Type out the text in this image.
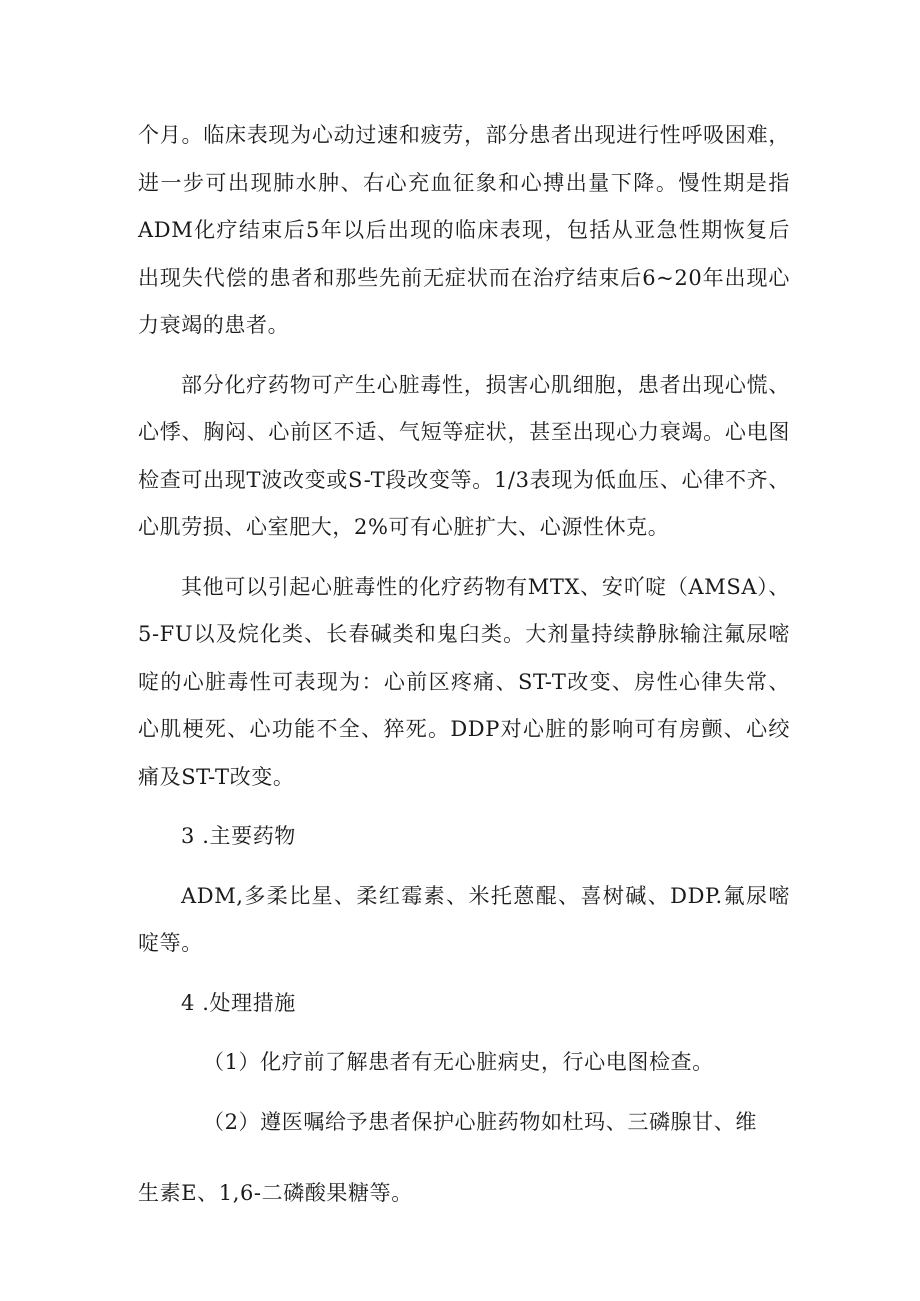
个月。临床表现为心动过速和疲劳，部分患者出现进行性呼吸困难，进一步可出现肺水肿、右心充血征象和心搏出量下降。慢性期是指ADM化疗结束后5年以后出现的临床表现，包括从亚急性期恢复后出现失代偿的患者和那些先前无症状而在治疗结束后6~20年出现心力衰竭的患者。

部分化疗药物可产生心脏毒性，损害心肌细胞，患者出现心慌、心悸、胸闷、心前区不适、气短等症状，甚至出现心力衰竭。心电图检查可出现T波改变或S-T段改变等。1/3表现为低血压、心律不齐、心肌劳损、心室肥大，2%可有心脏扩大、心源性休克。

其他可以引起心脏毒性的化疗药物有MTX、安吖啶（AMSA）、5-FU以及烷化类、长春碱类和鬼臼类。大剂量持续静脉输注氟尿嘧啶的心脏毒性可表现为：心前区疼痛、ST-T改变、房性心律失常、心肌梗死、心功能不全、猝死。DDP对心脏的影响可有房颤、心绞痛及ST-T改变。

3 .主要药物

ADM,多柔比星、柔红霉素、米托蒽醌、喜树碱、DDP.氟尿嘧啶等。

4 .处理措施

（1）化疗前了解患者有无心脏病史，行心电图检查。

（2）遵医嘱给予患者保护心脏药物如杜玛、三磷腺甘、维

生素E、1,6-二磷酸果糖等。
